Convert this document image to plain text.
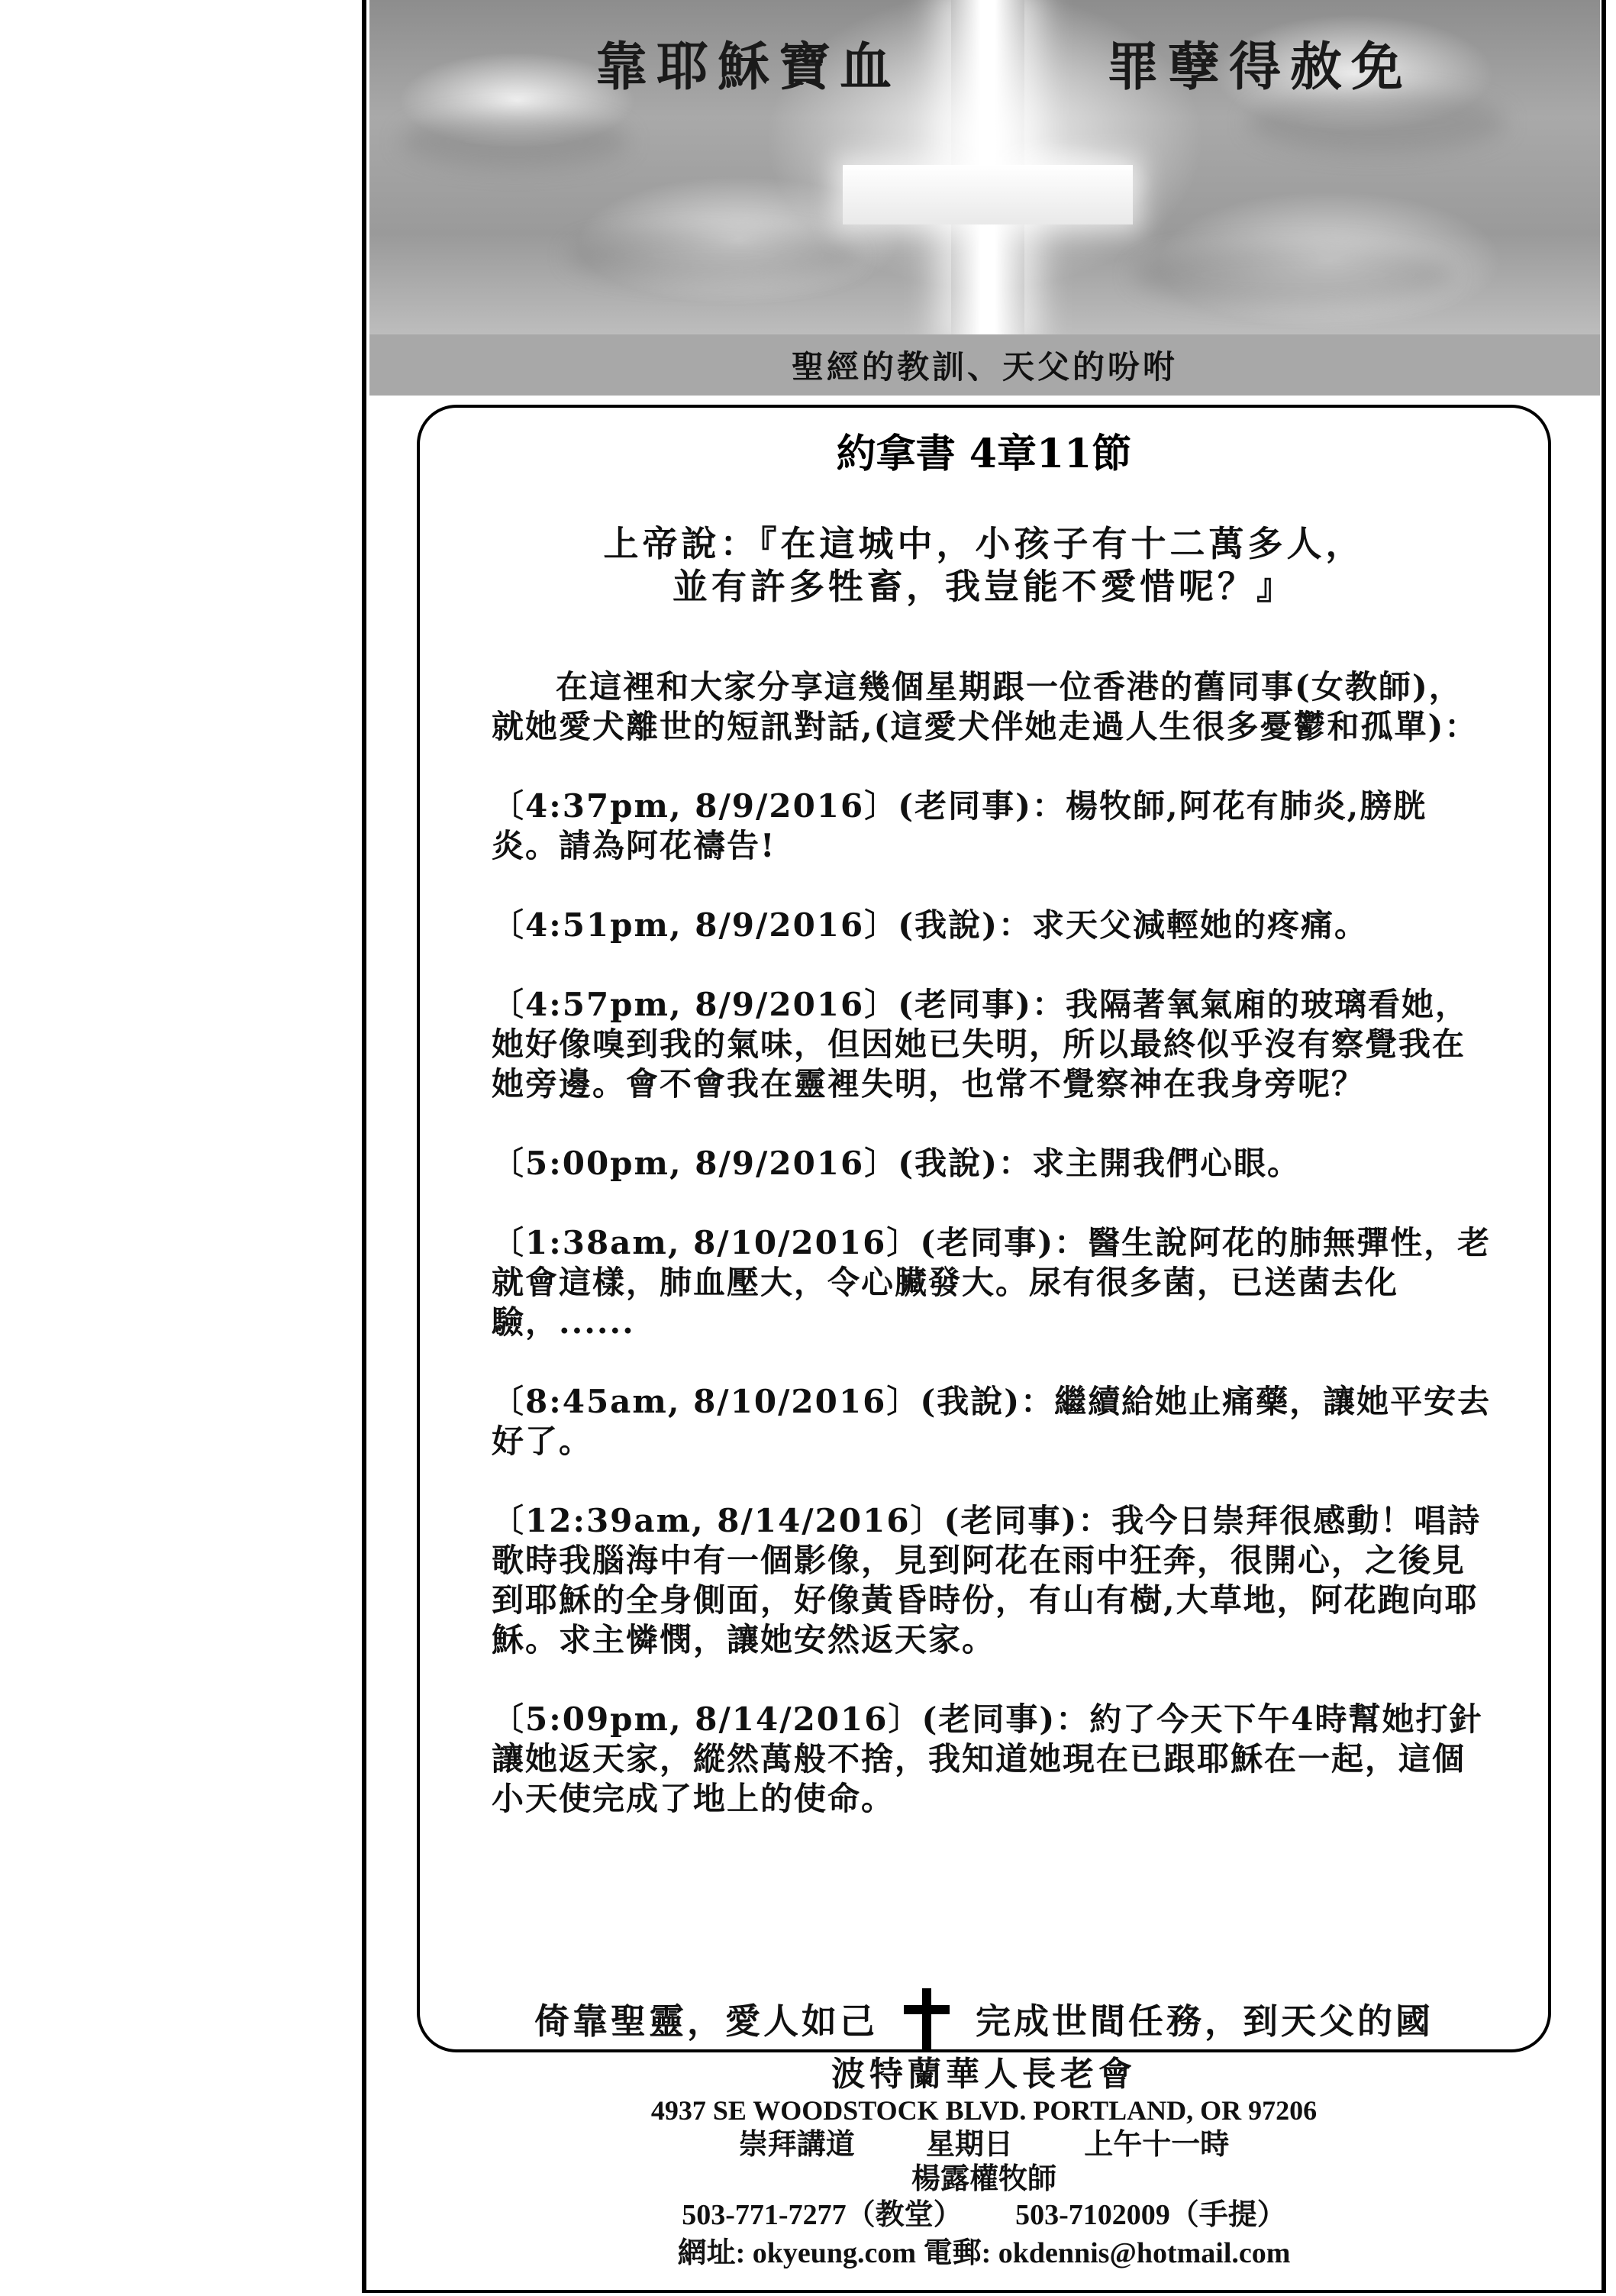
靠耶穌寶血	罪孽得赦免
聖經的教訓、天父的吩咐
約拿書 4章11節
上帝說：『在這城中，小孩子有十二萬多人，
並有許多牲畜，我豈能不愛惜呢？』

在這裡和大家分享這幾個星期跟一位香港的舊同事(女教師)，就她愛犬離世的短訊對話,(這愛犬伴她走過人生很多憂鬱和孤單)：

〔4:37pm, 8/9/2016〕(老同事)：楊牧師,阿花有肺炎,膀胱炎。請為阿花禱告!

〔4:51pm, 8/9/2016〕(我說)：求天父減輕她的疼痛。

〔4:57pm, 8/9/2016〕(老同事)：我隔著氧氣廂的玻璃看她，她好像嗅到我的氣味，但因她已失明，所以最終似乎沒有察覺我在她旁邊。會不會我在靈裡失明，也常不覺察神在我身旁呢？

〔5:00pm, 8/9/2016〕(我說)：求主開我們心眼。

〔1:38am, 8/10/2016〕(老同事)：醫生說阿花的肺無彈性，老就會這樣，肺血壓大，令心臟發大。尿有很多菌，已送菌去化驗，......

〔8:45am, 8/10/2016〕(我說)：繼續給她止痛藥，讓她平安去好了。

〔12:39am, 8/14/2016〕(老同事)：我今日崇拜很感動！唱詩歌時我腦海中有一個影像，見到阿花在雨中狂奔，很開心，之後見到耶穌的全身側面，好像黃昏時份，有山有樹,大草地，阿花跑向耶穌。求主憐憫，讓她安然返天家。

〔5:09pm, 8/14/2016〕(老同事)：約了今天下午4時幫她打針讓她返天家，縱然萬般不捨，我知道她現在已跟耶穌在一起，這個小天使完成了地上的使命。

倚靠聖靈，愛人如己	完成世間任務，到天父的國
波特蘭華人長老會
4937 SE WOODSTOCK BLVD. PORTLAND, OR 97206
崇拜講道 星期日 上午十一時
楊露權牧師
503-771-7277（教堂） 503-7102009（手提）
網址: okyeung.com 電郵: okdennis@hotmail.com
